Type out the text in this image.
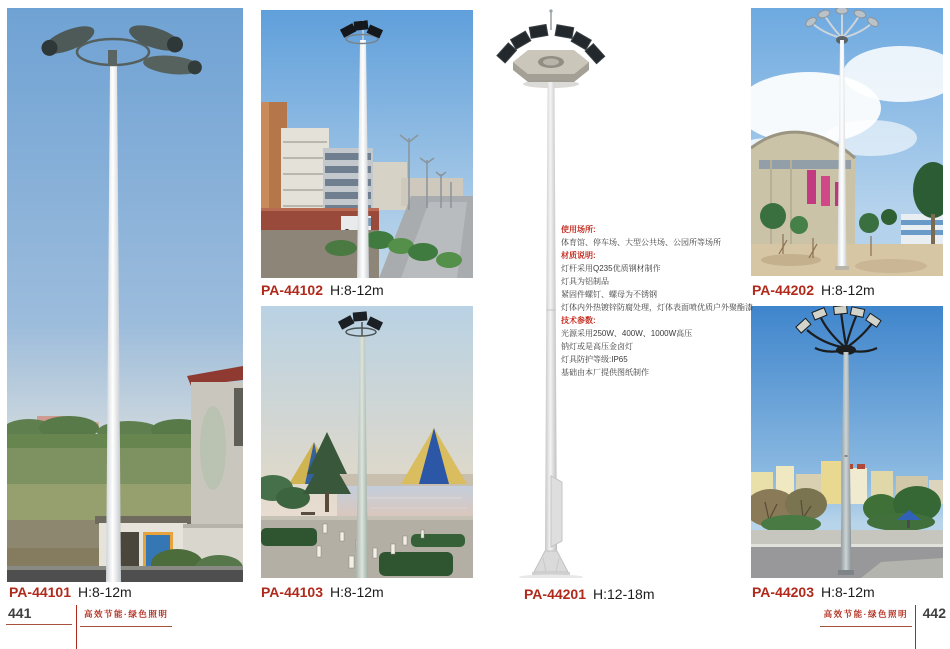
使用场所:
体育馆、停车场、大型公共场、公园所等场所
材质说明:
灯杆采用Q235优质钢材制作
灯具为铝制品
紧固件螺钉、螺母为不锈钢
灯体内外热镀锌防腐处理，灯体表面喷优质户外聚酯漆
技术参数:
光源采用250W、400W、1000W高压
钠灯或是高压金卤灯
灯具防护等级:IP65
基础由本厂提供图纸制作
PA-44101 H:8-12m
PA-44102 H:8-12m
PA-44103 H:8-12m	PA-44201 H:12-18m
PA-44202 H:8-12m
PA-44203 H:8-12m
441	高效节能·绿色照明	高效节能·绿色照明	442
